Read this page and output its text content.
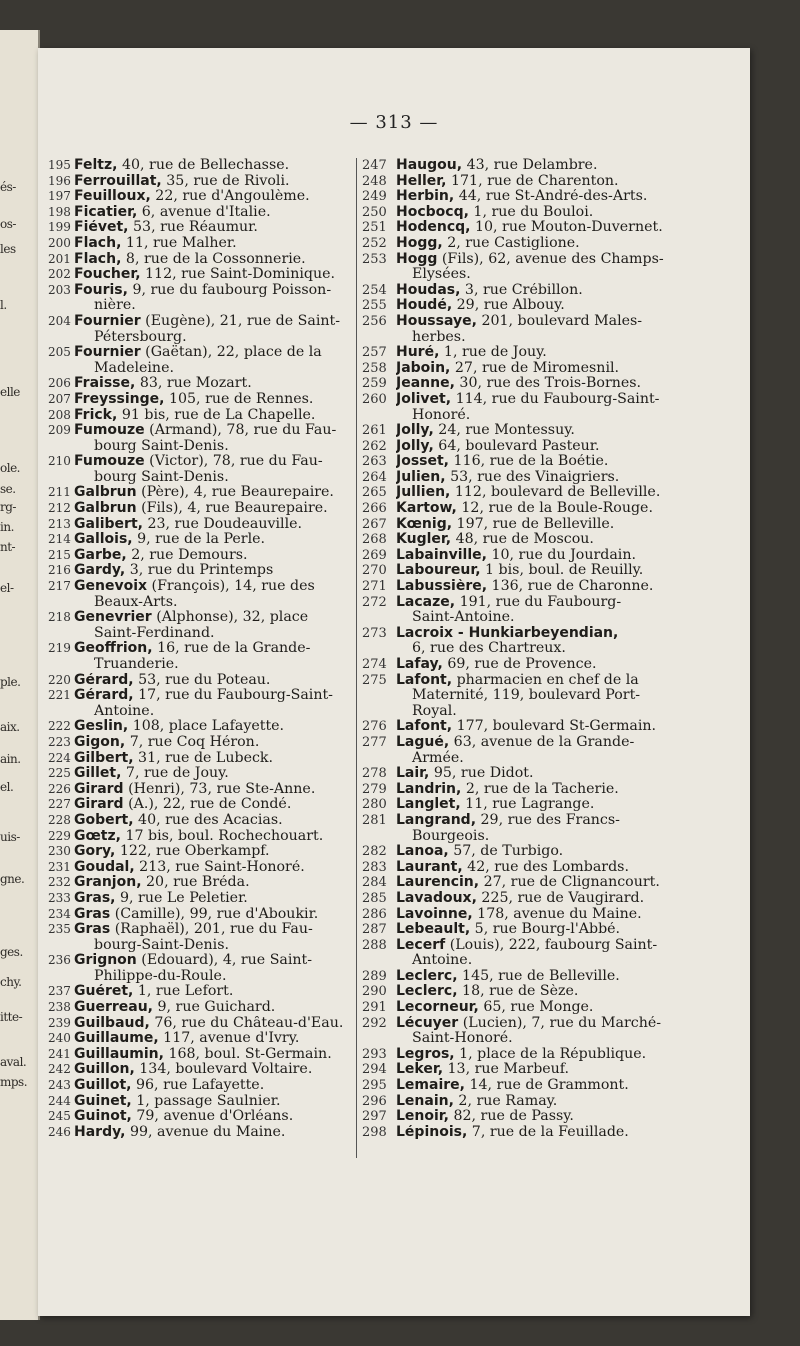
és-
os-
les
l.
elle
ole.
se.
rg-
in.
nt-
el-
ple.
aix.
ain.
el.
uis-
gne.
ges.
chy.
itte-
aval.
mps.
— 313 —
195 Feltz, 40, rue de Bellechasse.
196 Ferrouillat, 35, rue de Rivoli.
197 Feuilloux, 22, rue d'Angoulème.
198 Ficatier, 6, avenue d'Italie.
199 Fiévet, 53, rue Réaumur.
200 Flach, 11, rue Malher.
201 Flach, 8, rue de la Cossonnerie.
202 Foucher, 112, rue Saint-Dominique.
203 Fouris, 9, rue du faubourg Poisson-
nière.
204 Fournier (Eugène), 21, rue de Saint-
Pétersbourg.
205 Fournier (Gaëtan), 22, place de la
Madeleine.
206 Fraisse, 83, rue Mozart.
207 Freyssinge, 105, rue de Rennes.
208 Frick, 91 bis, rue de La Chapelle.
209 Fumouze (Armand), 78, rue du Fau-
bourg Saint-Denis.
210 Fumouze (Victor), 78, rue du Fau-
bourg Saint-Denis.
211 Galbrun (Père), 4, rue Beaurepaire.
212 Galbrun (Fils), 4, rue Beaurepaire.
213 Galibert, 23, rue Doudeauville.
214 Gallois, 9, rue de la Perle.
215 Garbe, 2, rue Demours.
216 Gardy, 3, rue du Printemps
217 Genevoix (François), 14, rue des
Beaux-Arts.
218 Genevrier (Alphonse), 32, place
Saint-Ferdinand.
219 Geoffrion, 16, rue de la Grande-
Truanderie.
220 Gérard, 53, rue du Poteau.
221 Gérard, 17, rue du Faubourg-Saint-
Antoine.
222 Geslin, 108, place Lafayette.
223 Gigon, 7, rue Coq Héron.
224 Gilbert, 31, rue de Lubeck.
225 Gillet, 7, rue de Jouy.
226 Girard (Henri), 73, rue Ste-Anne.
227 Girard (A.), 22, rue de Condé.
228 Gobert, 40, rue des Acacias.
229 Gœtz, 17 bis, boul. Rochechouart.
230 Gory, 122, rue Oberkampf.
231 Goudal, 213, rue Saint-Honoré.
232 Granjon, 20, rue Bréda.
233 Gras, 9, rue Le Peletier.
234 Gras (Camille), 99, rue d'Aboukir.
235 Gras (Raphaël), 201, rue du Fau-
bourg-Saint-Denis.
236 Grignon (Edouard), 4, rue Saint-
Philippe-du-Roule.
237 Guéret, 1, rue Lefort.
238 Guerreau, 9, rue Guichard.
239 Guilbaud, 76, rue du Château-d'Eau.
240 Guillaume, 117, avenue d'Ivry.
241 Guillaumin, 168, boul. St-Germain.
242 Guillon, 134, boulevard Voltaire.
243 Guillot, 96, rue Lafayette.
244 Guinet, 1, passage Saulnier.
245 Guinot, 79, avenue d'Orléans.
246 Hardy, 99, avenue du Maine.
247 Haugou, 43, rue Delambre.
248 Heller, 171, rue de Charenton.
249 Herbin, 44, rue St-André-des-Arts.
250 Hocbocq, 1, rue du Bouloi.
251 Hodencq, 10, rue Mouton-Duvernet.
252 Hogg, 2, rue Castiglione.
253 Hogg (Fils), 62, avenue des Champs-
Elysées.
254 Houdas, 3, rue Crébillon.
255 Houdé, 29, rue Albouy.
256 Houssaye, 201, boulevard Males-
herbes.
257 Huré, 1, rue de Jouy.
258 Jaboin, 27, rue de Miromesnil.
259 Jeanne, 30, rue des Trois-Bornes.
260 Jolivet, 114, rue du Faubourg-Saint-
Honoré.
261 Jolly, 24, rue Montessuy.
262 Jolly, 64, boulevard Pasteur.
263 Josset, 116, rue de la Boétie.
264 Julien, 53, rue des Vinaigriers.
265 Jullien, 112, boulevard de Belleville.
266 Kartow, 12, rue de la Boule-Rouge.
267 Kœnig, 197, rue de Belleville.
268 Kugler, 48, rue de Moscou.
269 Labainville, 10, rue du Jourdain.
270 Laboureur, 1 bis, boul. de Reuilly.
271 Labussière, 136, rue de Charonne.
272 Lacaze, 191, rue du Faubourg-
Saint-Antoine.
273 Lacroix - Hunkiarbeyendian,
6, rue des Chartreux.
274 Lafay, 69, rue de Provence.
275 Lafont, pharmacien en chef de la
Maternité, 119, boulevard Port-
Royal.
276 Lafont, 177, boulevard St-Germain.
277 Lagué, 63, avenue de la Grande-
Armée.
278 Lair, 95, rue Didot.
279 Landrin, 2, rue de la Tacherie.
280 Langlet, 11, rue Lagrange.
281 Langrand, 29, rue des Francs-
Bourgeois.
282 Lanoa, 57, de Turbigo.
283 Laurant, 42, rue des Lombards.
284 Laurencin, 27, rue de Clignancourt.
285 Lavadoux, 225, rue de Vaugirard.
286 Lavoinne, 178, avenue du Maine.
287 Lebeault, 5, rue Bourg-l'Abbé.
288 Lecerf (Louis), 222, faubourg Saint-
Antoine.
289 Leclerc, 145, rue de Belleville.
290 Leclerc, 18, rue de Sèze.
291 Lecorneur, 65, rue Monge.
292 Lécuyer (Lucien), 7, rue du Marché-
Saint-Honoré.
293 Legros, 1, place de la République.
294 Leker, 13, rue Marbeuf.
295 Lemaire, 14, rue de Grammont.
296 Lenain, 2, rue Ramay.
297 Lenoir, 82, rue de Passy.
298 Lépinois, 7, rue de la Feuillade.
